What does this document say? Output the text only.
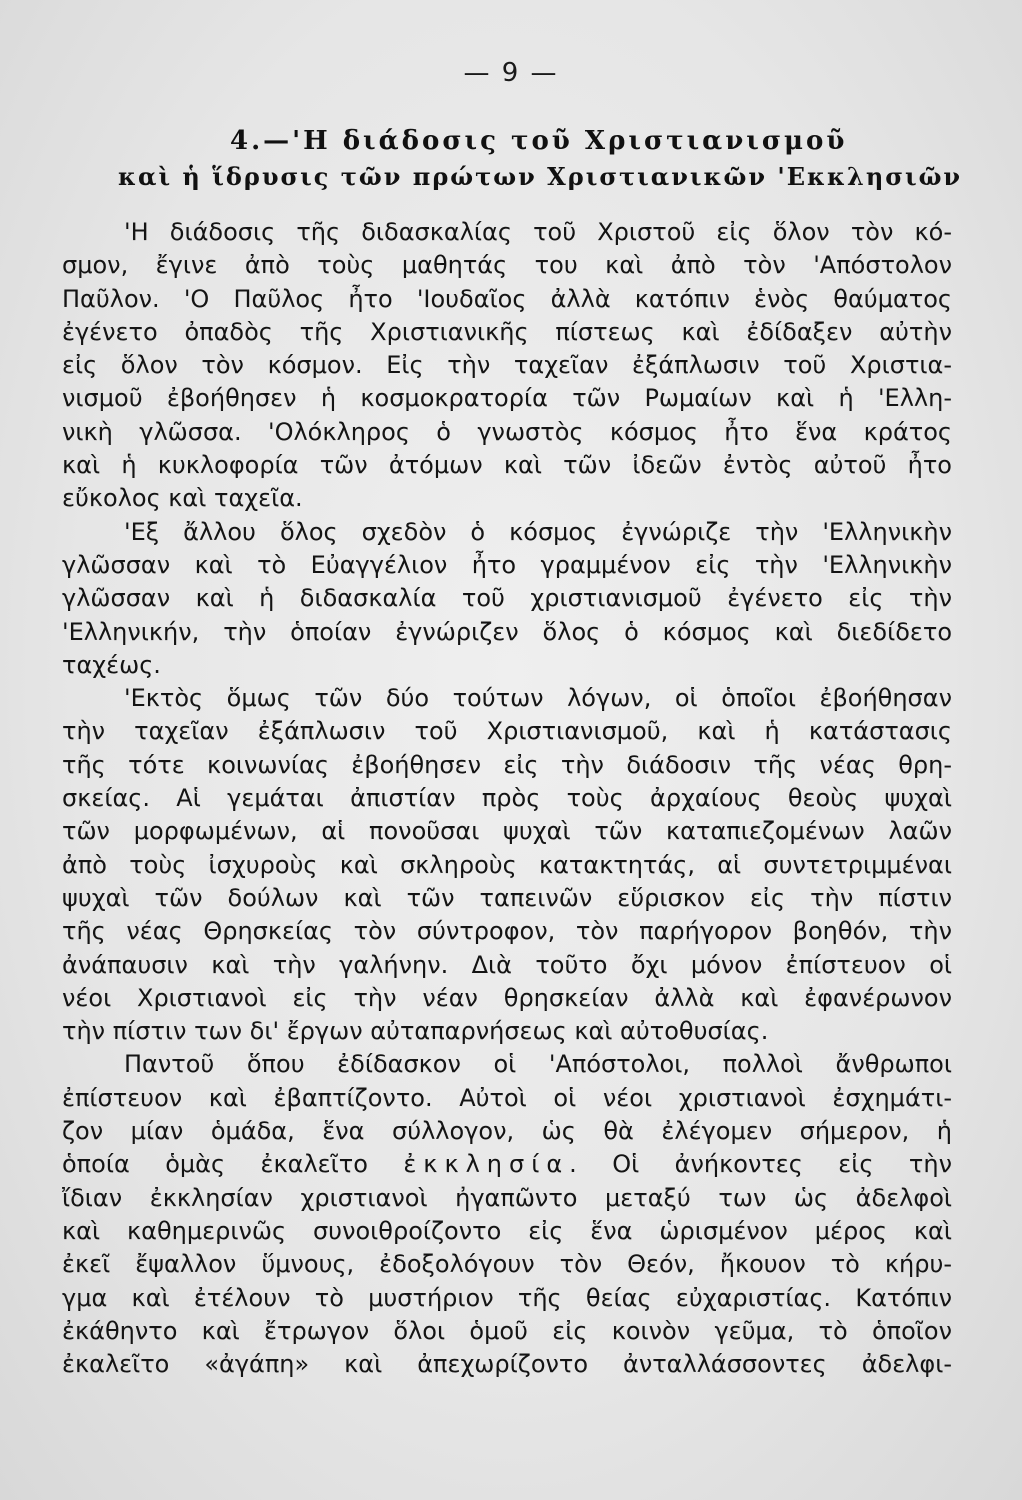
— 9 —
4.—'Η διάδοσις τοῦ Χριστιανισμοῦ
καὶ ἡ ἵδρυσις τῶν πρώτων Χριστιανικῶν 'Εκκλησιῶν
'Η διάδοσις τῆς διδασκαλίας τοῦ Χριστοῦ εἰς ὅλον τὸν κό-
σμον, ἔγινε ἀπὸ τοὺς μαθητάς του καὶ ἀπὸ τὸν 'Απόστολον
Παῦλον. 'Ο Παῦλος ἦτο 'Ιουδαῖος ἀλλὰ κατόπιν ἑνὸς θαύματος
ἐγένετο ὀπαδὸς τῆς Χριστιανικῆς πίστεως καὶ ἐδίδαξεν αὐτὴν
εἰς ὅλον τὸν κόσμον. Εἰς τὴν ταχεῖαν ἐξάπλωσιν τοῦ Χριστια-
νισμοῦ ἐβοήθησεν ἡ κοσμοκρατορία τῶν Ρωμαίων καὶ ἡ 'Ελλη-
νικὴ γλῶσσα. 'Ολόκληρος ὁ γνωστὸς κόσμος ἦτο ἕνα κράτος
καὶ ἡ κυκλοφορία τῶν ἀτόμων καὶ τῶν ἰδεῶν ἐντὸς αὐτοῦ ἦτο
εὔκολος καὶ ταχεῖα.
'Εξ ἄλλου ὅλος σχεδὸν ὁ κόσμος ἐγνώριζε τὴν 'Ελληνικὴν
γλῶσσαν καὶ τὸ Εὐαγγέλιον ἦτο γραμμένον εἰς τὴν 'Ελληνικὴν
γλῶσσαν καὶ ἡ διδασκαλία τοῦ χριστιανισμοῦ ἐγένετο εἰς τὴν
'Ελληνικήν, τὴν ὁποίαν ἐγνώριζεν ὅλος ὁ κόσμος καὶ διεδίδετο
ταχέως.
'Εκτὸς ὅμως τῶν δύο τούτων λόγων, οἱ ὁποῖοι ἐβοήθησαν
τὴν ταχεῖαν ἐξάπλωσιν τοῦ Χριστιανισμοῦ, καὶ ἡ κατάστασις
τῆς τότε κοινωνίας ἐβοήθησεν εἰς τὴν διάδοσιν τῆς νέας θρη-
σκείας. Αἱ γεμάται ἀπιστίαν πρὸς τοὺς ἀρχαίους θεοὺς ψυχαὶ
τῶν μορφωμένων, αἱ πονοῦσαι ψυχαὶ τῶν καταπιεζομένων λαῶν
ἀπὸ τοὺς ἰσχυροὺς καὶ σκληροὺς κατακτητάς, αἱ συντετριμμέναι
ψυχαὶ τῶν δούλων καὶ τῶν ταπεινῶν εὕρισκον εἰς τὴν πίστιν
τῆς νέας Θρησκείας τὸν σύντροφον, τὸν παρήγορον βοηθόν, τὴν
ἀνάπαυσιν καὶ τὴν γαλήνην. Διὰ τοῦτο ὄχι μόνον ἐπίστευον οἱ
νέοι Χριστιανοὶ εἰς τὴν νέαν θρησκείαν ἀλλὰ καὶ ἐφανέρωνον
τὴν πίστιν των δι' ἔργων αὐταπαρνήσεως καὶ αὐτοθυσίας.
Παντοῦ ὅπου ἐδίδασκον οἱ 'Απόστολοι, πολλοὶ ἄνθρωποι
ἐπίστευον καὶ ἐβαπτίζοντο. Αὐτοὶ οἱ νέοι χριστιανοὶ ἐσχημάτι-
ζον μίαν ὁμάδα, ἕνα σύλλογον, ὡς θὰ ἐλέγομεν σήμερον, ἡ
ὁποία ὁμὰς ἐκαλεῖτο ἐκκλησία. Οἱ ἀνήκοντες εἰς τὴν
ἴδιαν ἐκκλησίαν χριστιανοὶ ἠγαπῶντο μεταξύ των ὡς ἀδελφοὶ
καὶ καθημερινῶς συνοιθροίζοντο εἰς ἕνα ὡρισμένον μέρος καὶ
ἐκεῖ ἔψαλλον ὕμνους, ἐδοξολόγουν τὸν Θεόν, ἤκουον τὸ κήρυ-
γμα καὶ ἐτέλουν τὸ μυστήριον τῆς θείας εὐχαριστίας. Κατόπιν
ἐκάθηντο καὶ ἔτρωγον ὅλοι ὁμοῦ εἰς κοινὸν γεῦμα, τὸ ὁποῖον
ἐκαλεῖτο «ἀγάπη» καὶ ἀπεχωρίζοντο ἀνταλλάσσοντες ἀδελφι-
